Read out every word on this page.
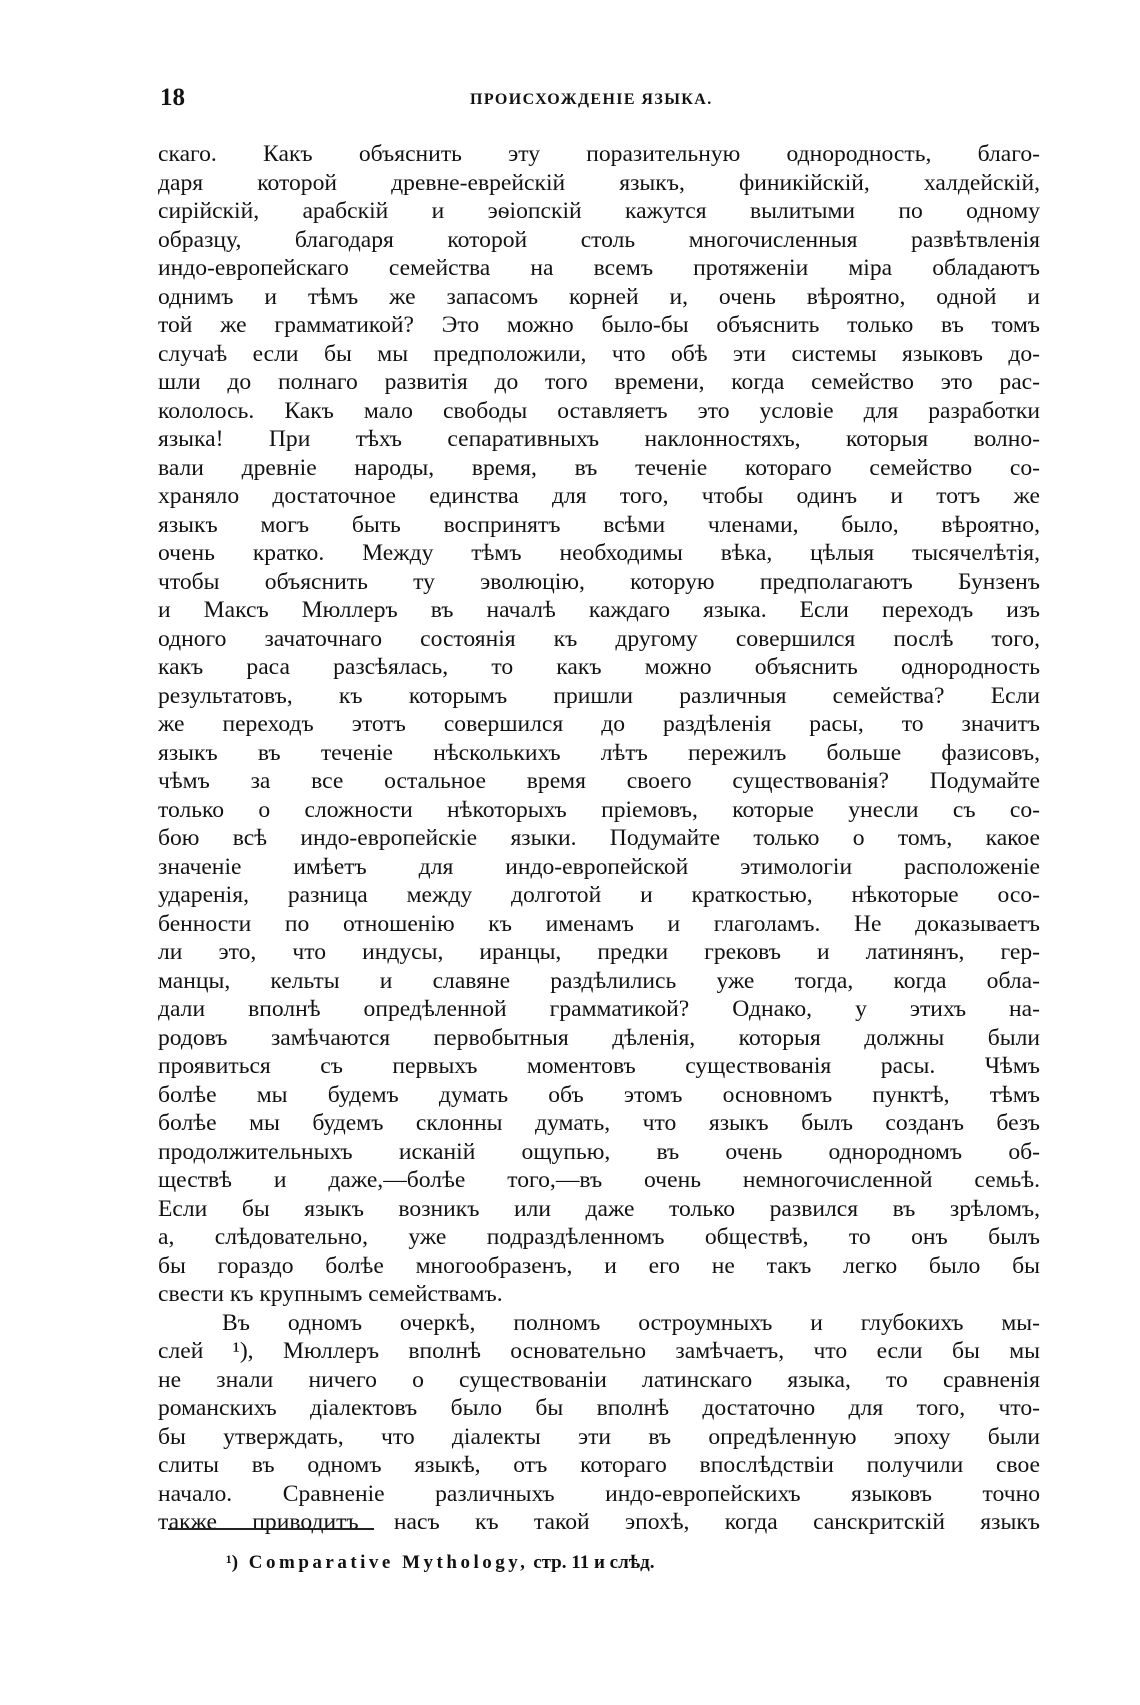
18	ПРОИСХОЖДЕНІЕ ЯЗЫКА.
скаго. Какъ объяснить эту поразительную однородность, благо-
даря которой древне-еврейскій языкъ, финикійскій, халдейскій,
сирійскій, арабскій и эѳіопскій кажутся вылитыми по одному
образцу, благодаря которой столь многочисленныя развѣтвленія
индо-европейскаго семейства на всемъ протяженіи міра обладаютъ
однимъ и тѣмъ же запасомъ корней и, очень вѣроятно, одной и
той же грамматикой? Это можно было-бы объяснить только въ томъ
случаѣ если бы мы предположили, что обѣ эти системы языковъ до-
шли до полнаго развитія до того времени, когда семейство это рас-
кололось. Какъ мало свободы оставляетъ это условіе для разработки
языка! При тѣхъ сепаративныхъ наклонностяхъ, которыя волно-
вали древніе народы, время, въ теченіе котораго семейство со-
храняло достаточное единства для того, чтобы одинъ и тотъ же
языкъ могъ быть воспринятъ всѣми членами, было, вѣроятно,
очень кратко. Между тѣмъ необходимы вѣка, цѣлыя тысячелѣтія,
чтобы объяснить ту эволюцію, которую предполагаютъ Бунзенъ
и Максъ Мюллеръ въ началѣ каждаго языка. Если переходъ изъ
одного зачаточнаго состоянія къ другому совершился послѣ того,
какъ раса разсѣялась, то какъ можно объяснить однородность
результатовъ, къ которымъ пришли различныя семейства? Если
же переходъ этотъ совершился до раздѣленія расы, то значитъ
языкъ въ теченіе нѣсколькихъ лѣтъ пережилъ больше фазисовъ,
чѣмъ за все остальное время своего существованія? Подумайте
только о сложности нѣкоторыхъ пріемовъ, которые унесли съ со-
бою всѣ индо-европейскіе языки. Подумайте только о томъ, какое
значеніе имѣетъ для индо-европейской этимологіи расположеніе
ударенія, разница между долготой и краткостью, нѣкоторые осо-
бенности по отношенію къ именамъ и глаголамъ. Не доказываетъ
ли это, что индусы, иранцы, предки грековъ и латинянъ, гер-
манцы, кельты и славяне раздѣлились уже тогда, когда обла-
дали вполнѣ опредѣленной грамматикой? Однако, у этихъ на-
родовъ замѣчаются первобытныя дѣленія, которыя должны были
проявиться съ первыхъ моментовъ существованія расы. Чѣмъ
болѣе мы будемъ думать объ этомъ основномъ пунктѣ, тѣмъ
болѣе мы будемъ склонны думать, что языкъ былъ созданъ безъ
продолжительныхъ исканій ощупью, въ очень однородномъ об-
ществѣ и даже,—болѣе того,—въ очень немногочисленной семьѣ.
Если бы языкъ возникъ или даже только развился въ зрѣломъ,
а, слѣдовательно, уже подраздѣленномъ обществѣ, то онъ былъ
бы гораздо болѣе многообразенъ, и его не такъ легко было бы
свести къ крупнымъ семействамъ.
Въ одномъ очеркѣ, полномъ остроумныхъ и глубокихъ мы-
слей ¹), Мюллеръ вполнѣ основательно замѣчаетъ, что если бы мы
не знали ничего о существованіи латинскаго языка, то сравненія
романскихъ діалектовъ было бы вполнѣ достаточно для того, что-
бы утверждать, что діалекты эти въ опредѣленную эпоху были
слиты въ одномъ языкѣ, отъ котораго впослѣдствіи получили свое
начало. Сравненіе различныхъ индо-европейскихъ языковъ точно
также приводитъ насъ къ такой эпохѣ, когда санскритскій языкъ
¹) Comparative Mythology, стр. 11 и слѣд.
